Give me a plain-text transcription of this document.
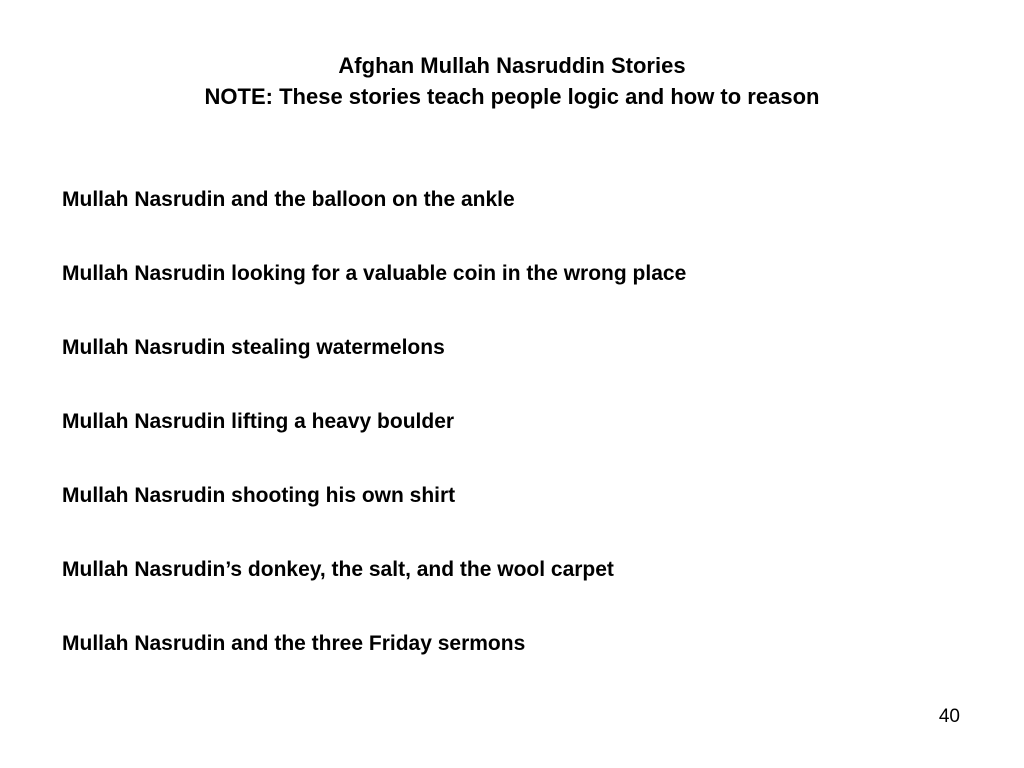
Afghan Mullah Nasruddin Stories
NOTE: These stories teach people logic and how to reason
Mullah Nasrudin and the balloon on the ankle
Mullah Nasrudin looking for a valuable coin in the wrong place
Mullah Nasrudin stealing watermelons
Mullah Nasrudin lifting a heavy boulder
Mullah Nasrudin shooting his own shirt
Mullah Nasrudin’s donkey, the salt, and the wool carpet
Mullah Nasrudin and the three Friday sermons
40
